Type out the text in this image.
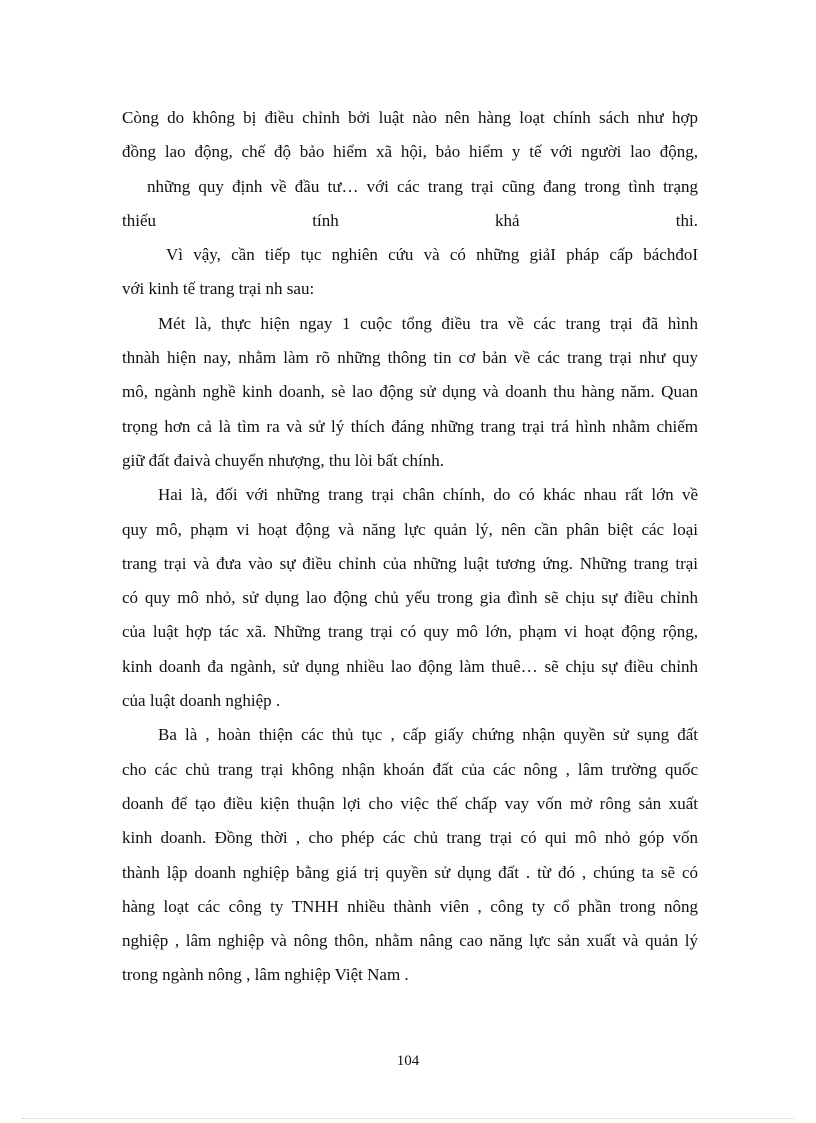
Còng do không bị điều chỉnh bởi luật nào nên hàng loạt chính sách như hợp
đồng lao động, chế độ bảo hiểm xã hội, bảo hiểm y tế với người lao động,
những quy định về đầu tư… với các trang trại cũng đang trong tình trạng
thiếu tính khả thi.
Vì vậy, cần tiếp tục nghiên cứu và có những giảI pháp cấp báchđoI
với kinh tế trang trại nh sau:
Mét là, thực hiện ngay 1 cuộc tổng điều tra về các trang trại đã hình
thnàh hiện nay, nhằm làm rõ những thông tin cơ bản về các trang trại như quy
mô, ngành nghề kinh doanh, sè lao động sử dụng và doanh thu hàng năm. Quan
trọng hơn cả là tìm ra và sử lý thích đáng những trang trại trá hình nhằm chiếm
giữ đất đaivà chuyển nhượng, thu lòi bất chính.
Hai là, đối với những trang trại chân chính, do có khác nhau rất lớn về
quy mô, phạm vi hoạt động và năng lực quản lý, nên cần phân biệt các loại
trang trại và đưa vào sự điều chỉnh của những luật tương ứng. Những trang trại
có quy mô nhỏ, sử dụng lao động chủ yếu trong gia đình sẽ chịu sự điều chỉnh
của luật hợp tác xã. Những trang trại có quy mô lớn, phạm vi hoạt động rộng,
kinh doanh đa ngành, sử dụng nhiều lao động làm thuê… sẽ chịu sự điều chỉnh
của luật doanh nghiệp .
Ba là , hoàn thiện các thủ tục , cấp giấy chứng nhận quyền sử sụng đất
cho các chủ trang trại không nhận khoán đất của các nông , lâm trường quốc
doanh để tạo điều kiện thuận lợi cho việc thế chấp vay vốn mở rông sản xuất
kinh doanh. Đồng thời , cho phép các chủ trang trại có qui mô nhỏ góp vốn
thành lập doanh nghiệp bằng giá trị quyền sử dụng đất . từ đó , chúng ta sẽ có
hàng loạt các công ty TNHH nhiều thành viên , công ty cổ phần trong nông
nghiệp , lâm nghiệp và nông thôn, nhằm nâng cao năng lực sản xuất và quản lý
trong ngành nông , lâm nghiệp Việt Nam .
104
